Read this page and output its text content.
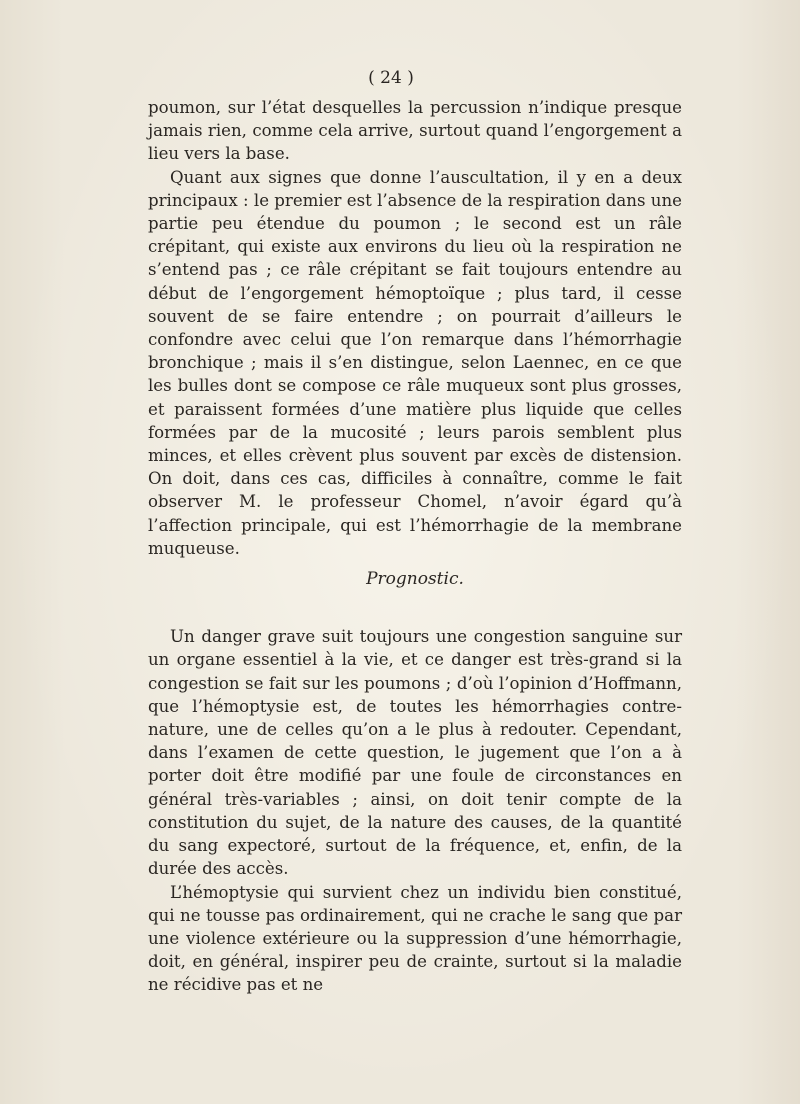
( 24 )

poumon, sur l’état desquelles la percussion n’indique presque jamais rien, comme cela arrive, surtout quand l’engorgement a lieu vers la base.

Quant aux signes que donne l’auscultation, il y en a deux principaux : le premier est l’absence de la respiration dans une partie peu étendue du poumon ; le second est un râle crépitant, qui existe aux environs du lieu où la respiration ne s’entend pas ; ce râle crépitant se fait toujours entendre au début de l’engorgement hémoptoïque ; plus tard, il cesse souvent de se faire entendre ; on pourrait d’ailleurs le confondre avec celui que l’on remarque dans l’hémorrhagie bronchique ; mais il s’en distingue, selon Laennec, en ce que les bulles dont se compose ce râle muqueux sont plus grosses, et paraissent formées d’une matière plus liquide que celles formées par de la mucosité ; leurs parois semblent plus minces, et elles crèvent plus souvent par excès de distension. On doit, dans ces cas, difficiles à connaître, comme le fait observer M. le professeur Chomel, n’avoir égard qu’à l’affection principale, qui est l’hémorrhagie de la membrane muqueuse.

Prognostic.

Un danger grave suit toujours une congestion sanguine sur un organe essentiel à la vie, et ce danger est très-grand si la congestion se fait sur les poumons ; d’où l’opinion d’Hoffmann, que l’hémoptysie est, de toutes les hémorrhagies contre-nature, une de celles qu’on a le plus à redouter. Cependant, dans l’examen de cette question, le jugement que l’on a à porter doit être modifié par une foule de circonstances en général très-variables ; ainsi, on doit tenir compte de la constitution du sujet, de la nature des causes, de la quantité du sang expectoré, surtout de la fréquence, et, enfin, de la durée des accès.

L’hémoptysie qui survient chez un individu bien constitué, qui ne tousse pas ordinairement, qui ne crache le sang que par une violence extérieure ou la suppression d’une hémorrhagie, doit, en général, inspirer peu de crainte, surtout si la maladie ne récidive pas et ne
